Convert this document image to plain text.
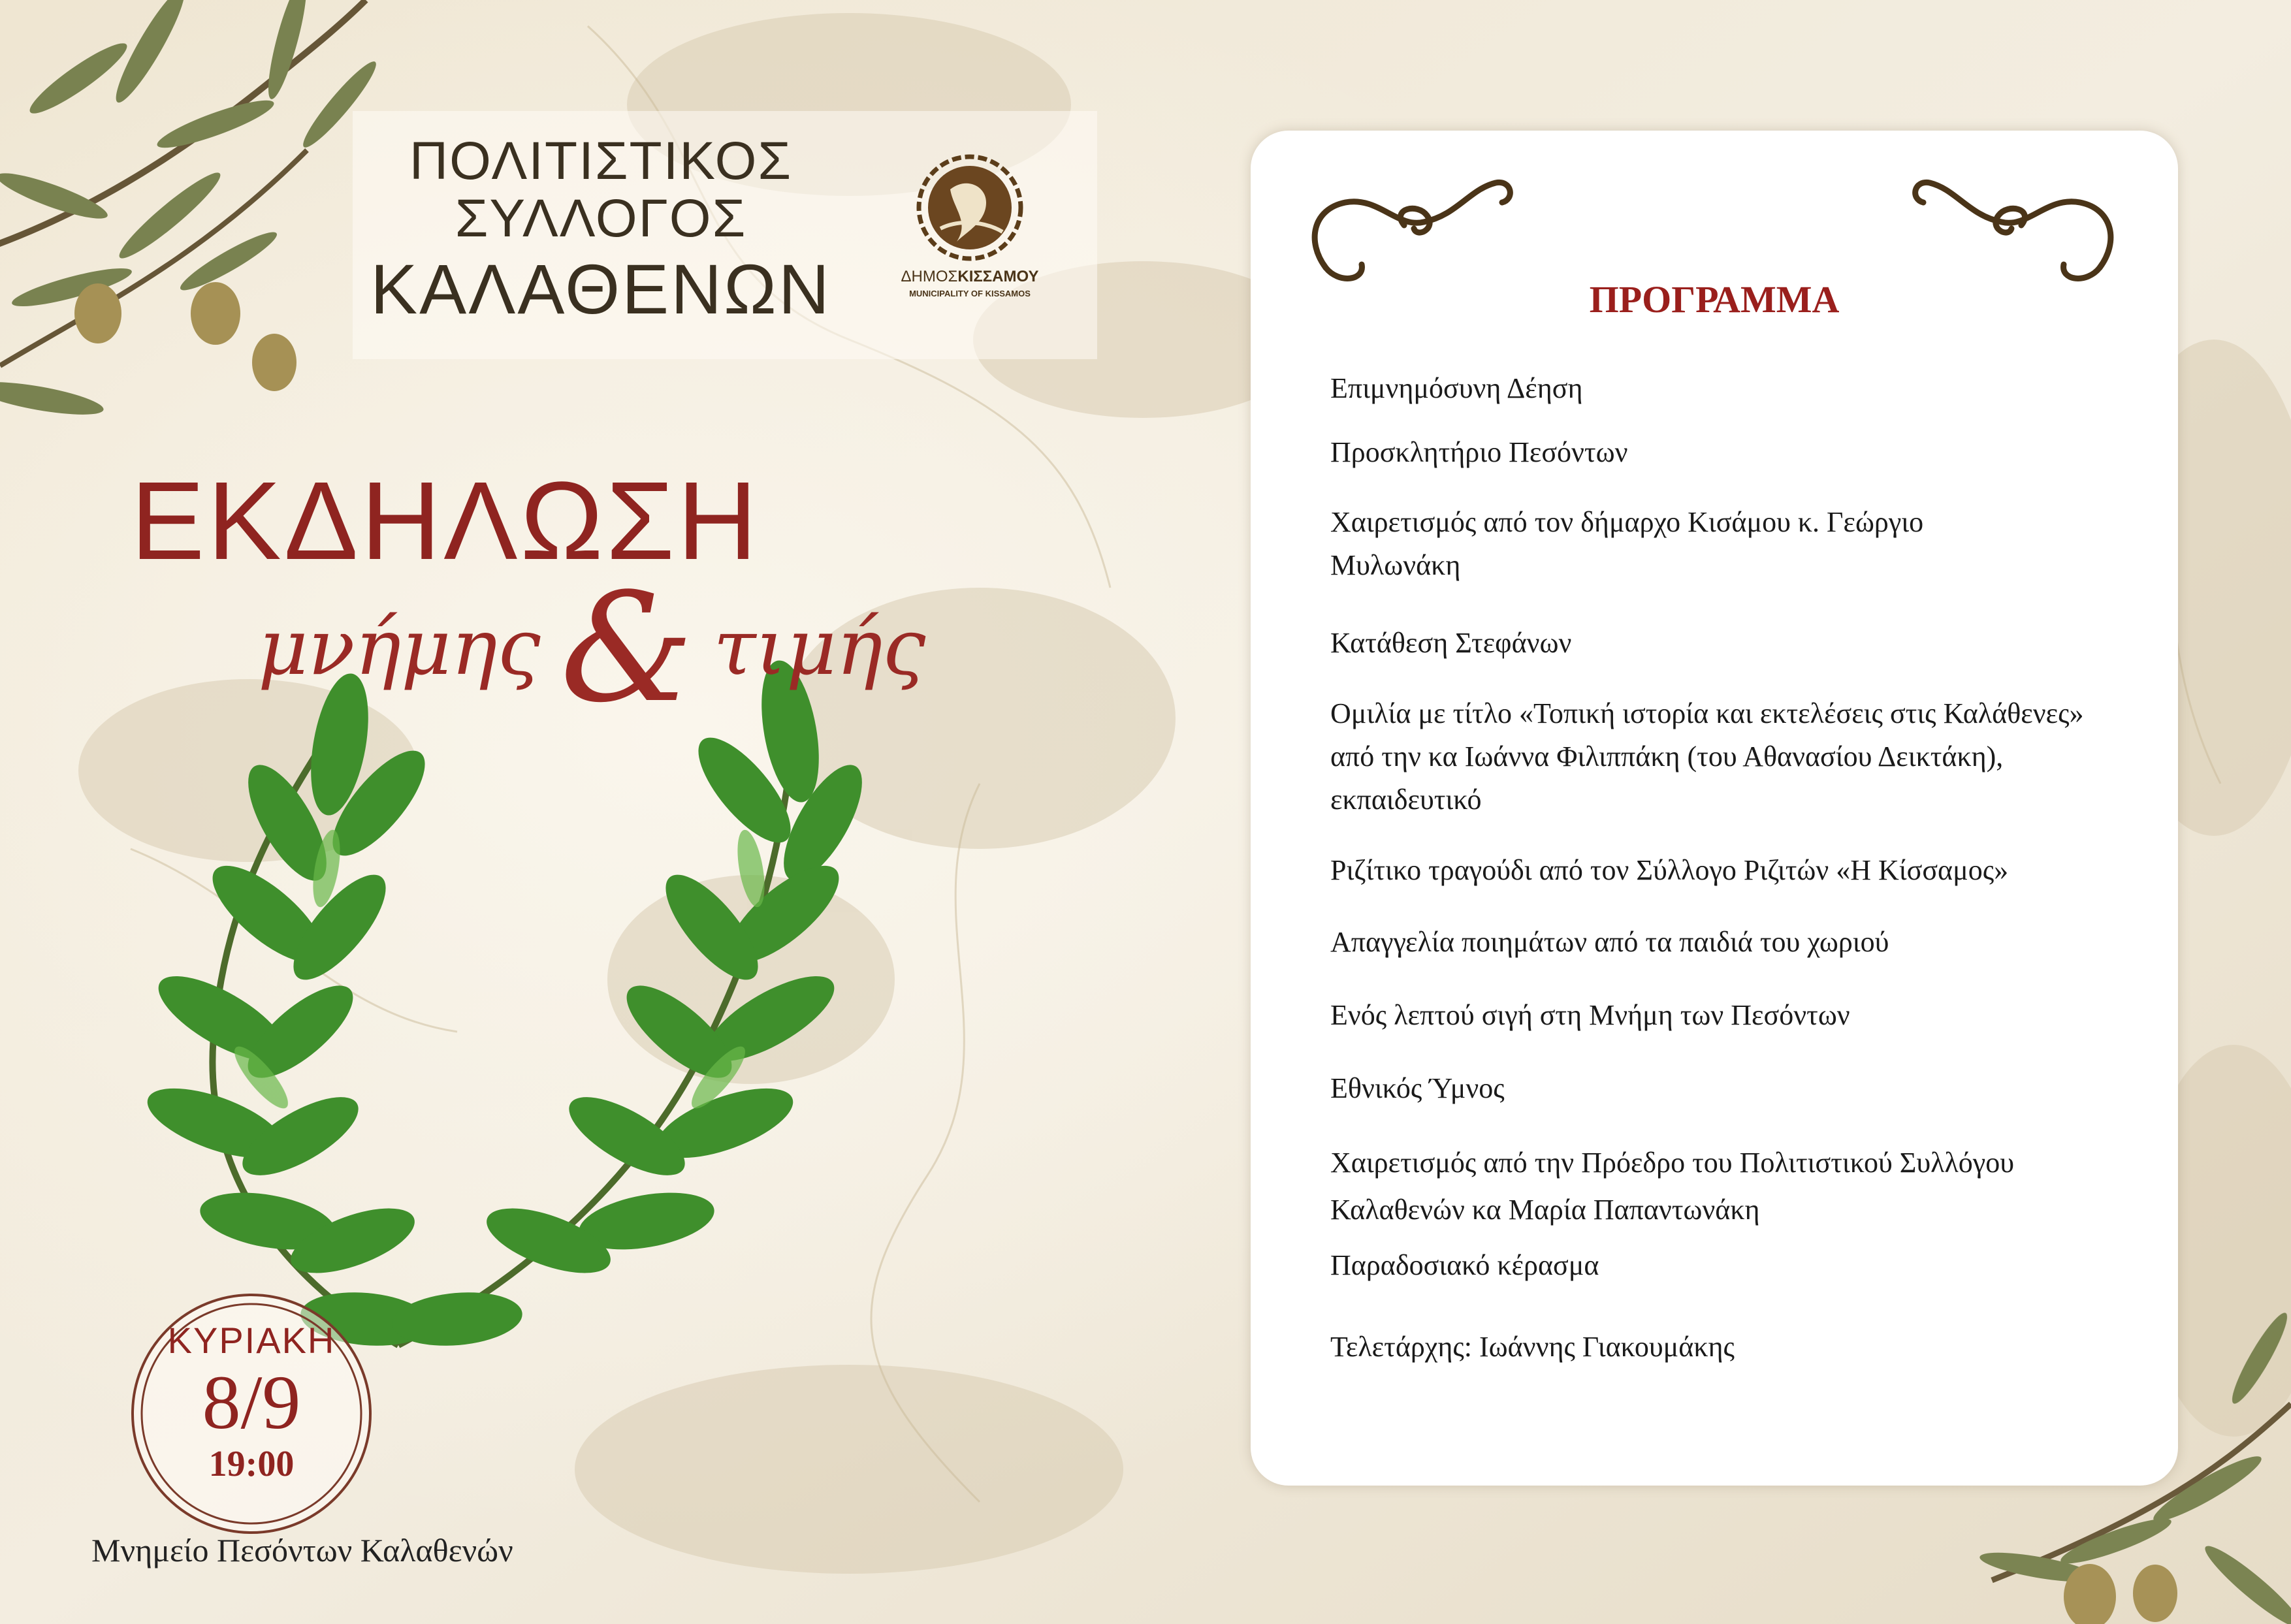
ΠΟΛΙΤΙΣΤΙΚΟΣ
ΣΥΛΛΟΓΟΣ
ΚΑΛΑΘΕΝΩΝ	ΔΗΜΟΣΚΙΣΣΑΜΟΥ
MUNICIPALITY OF KISSAMOS
ΕΚΔΗΛΩΣΗ
μνήμης & τιμής
ΚΥΡΙΑΚΗ
8/9
19:00
Μνημείο Πεσόντων Καλαθενών
ΠΡΟΓΡΑΜΜΑ
Επιμνημόσυνη Δέηση
Προσκλητήριο Πεσόντων
Χαιρετισμός από τον δήμαρχο Κισάμου κ. Γεώργιο Μυλωνάκη
Κατάθεση Στεφάνων
Ομιλία με τίτλο «Τοπική ιστορία και εκτελέσεις στις Καλάθενες» από την κα Ιωάννα Φιλιππάκη (του Αθανασίου Δεικτάκη), εκπαιδευτικό
Ριζίτικο τραγούδι από τον Σύλλογο Ριζιτών «Η Κίσσαμος»
Απαγγελία ποιημάτων από τα παιδιά του χωριού
Ενός λεπτού σιγή στη Μνήμη των Πεσόντων
Εθνικός Ύμνος
Χαιρετισμός από την Πρόεδρο του Πολιτιστικού Συλλόγου Καλαθενών κα Μαρία Παπαντωνάκη
Παραδοσιακό κέρασμα
Τελετάρχης: Ιωάννης Γιακουμάκης
